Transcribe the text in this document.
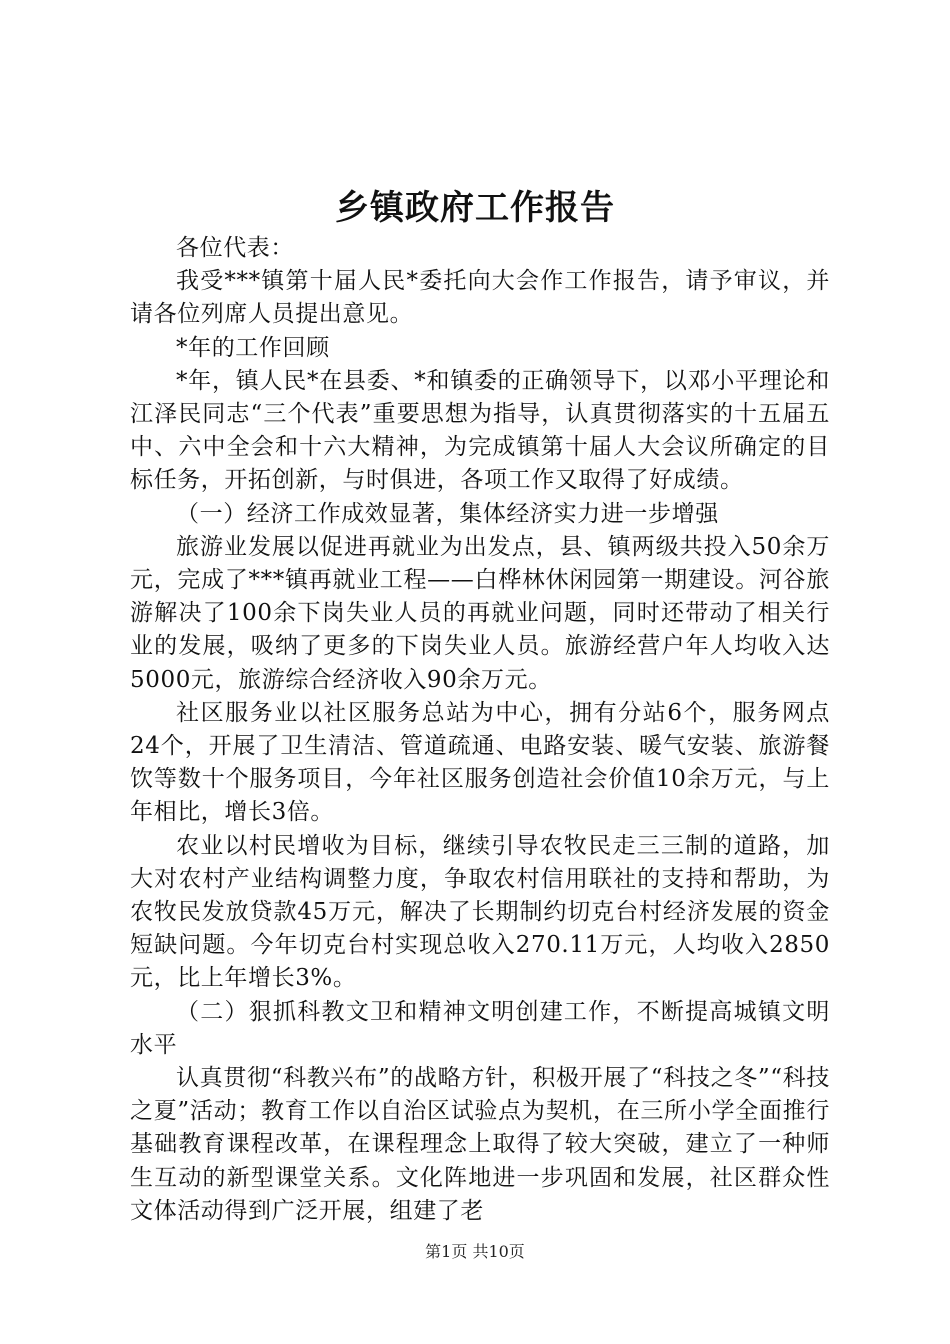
乡镇政府工作报告

各位代表：

我受***镇第十届人民*委托向大会作工作报告，请予审议，并请各位列席人员提出意见。

*年的工作回顾

*年，镇人民*在县委、*和镇委的正确领导下，以邓小平理论和江泽民同志“三个代表”重要思想为指导，认真贯彻落实的十五届五中、六中全会和十六大精神，为完成镇第十届人大会议所确定的目标任务，开拓创新，与时俱进，各项工作又取得了好成绩。

（一）经济工作成效显著，集体经济实力进一步增强

旅游业发展以促进再就业为出发点，县、镇两级共投入50余万元，完成了***镇再就业工程——白桦林休闲园第一期建设。河谷旅游解决了100余下岗失业人员的再就业问题，同时还带动了相关行业的发展，吸纳了更多的下岗失业人员。旅游经营户年人均收入达5000元，旅游综合经济收入90余万元。

社区服务业以社区服务总站为中心，拥有分站6个，服务网点24个，开展了卫生清洁、管道疏通、电路安装、暖气安装、旅游餐饮等数十个服务项目，今年社区服务创造社会价值10余万元，与上年相比，增长3倍。

农业以村民增收为目标，继续引导农牧民走三三制的道路，加大对农村产业结构调整力度，争取农村信用联社的支持和帮助，为农牧民发放贷款45万元，解决了长期制约切克台村经济发展的资金短缺问题。今年切克台村实现总收入270.11万元，人均收入2850元，比上年增长3%。

（二）狠抓科教文卫和精神文明创建工作，不断提高城镇文明水平

认真贯彻“科教兴布”的战略方针，积极开展了“科技之冬”“科技之夏”活动；教育工作以自治区试验点为契机，在三所小学全面推行基础教育课程改革，在课程理念上取得了较大突破，建立了一种师生互动的新型课堂关系。文化阵地进一步巩固和发展，社区群众性文体活动得到广泛开展，组建了老

第1页 共10页
